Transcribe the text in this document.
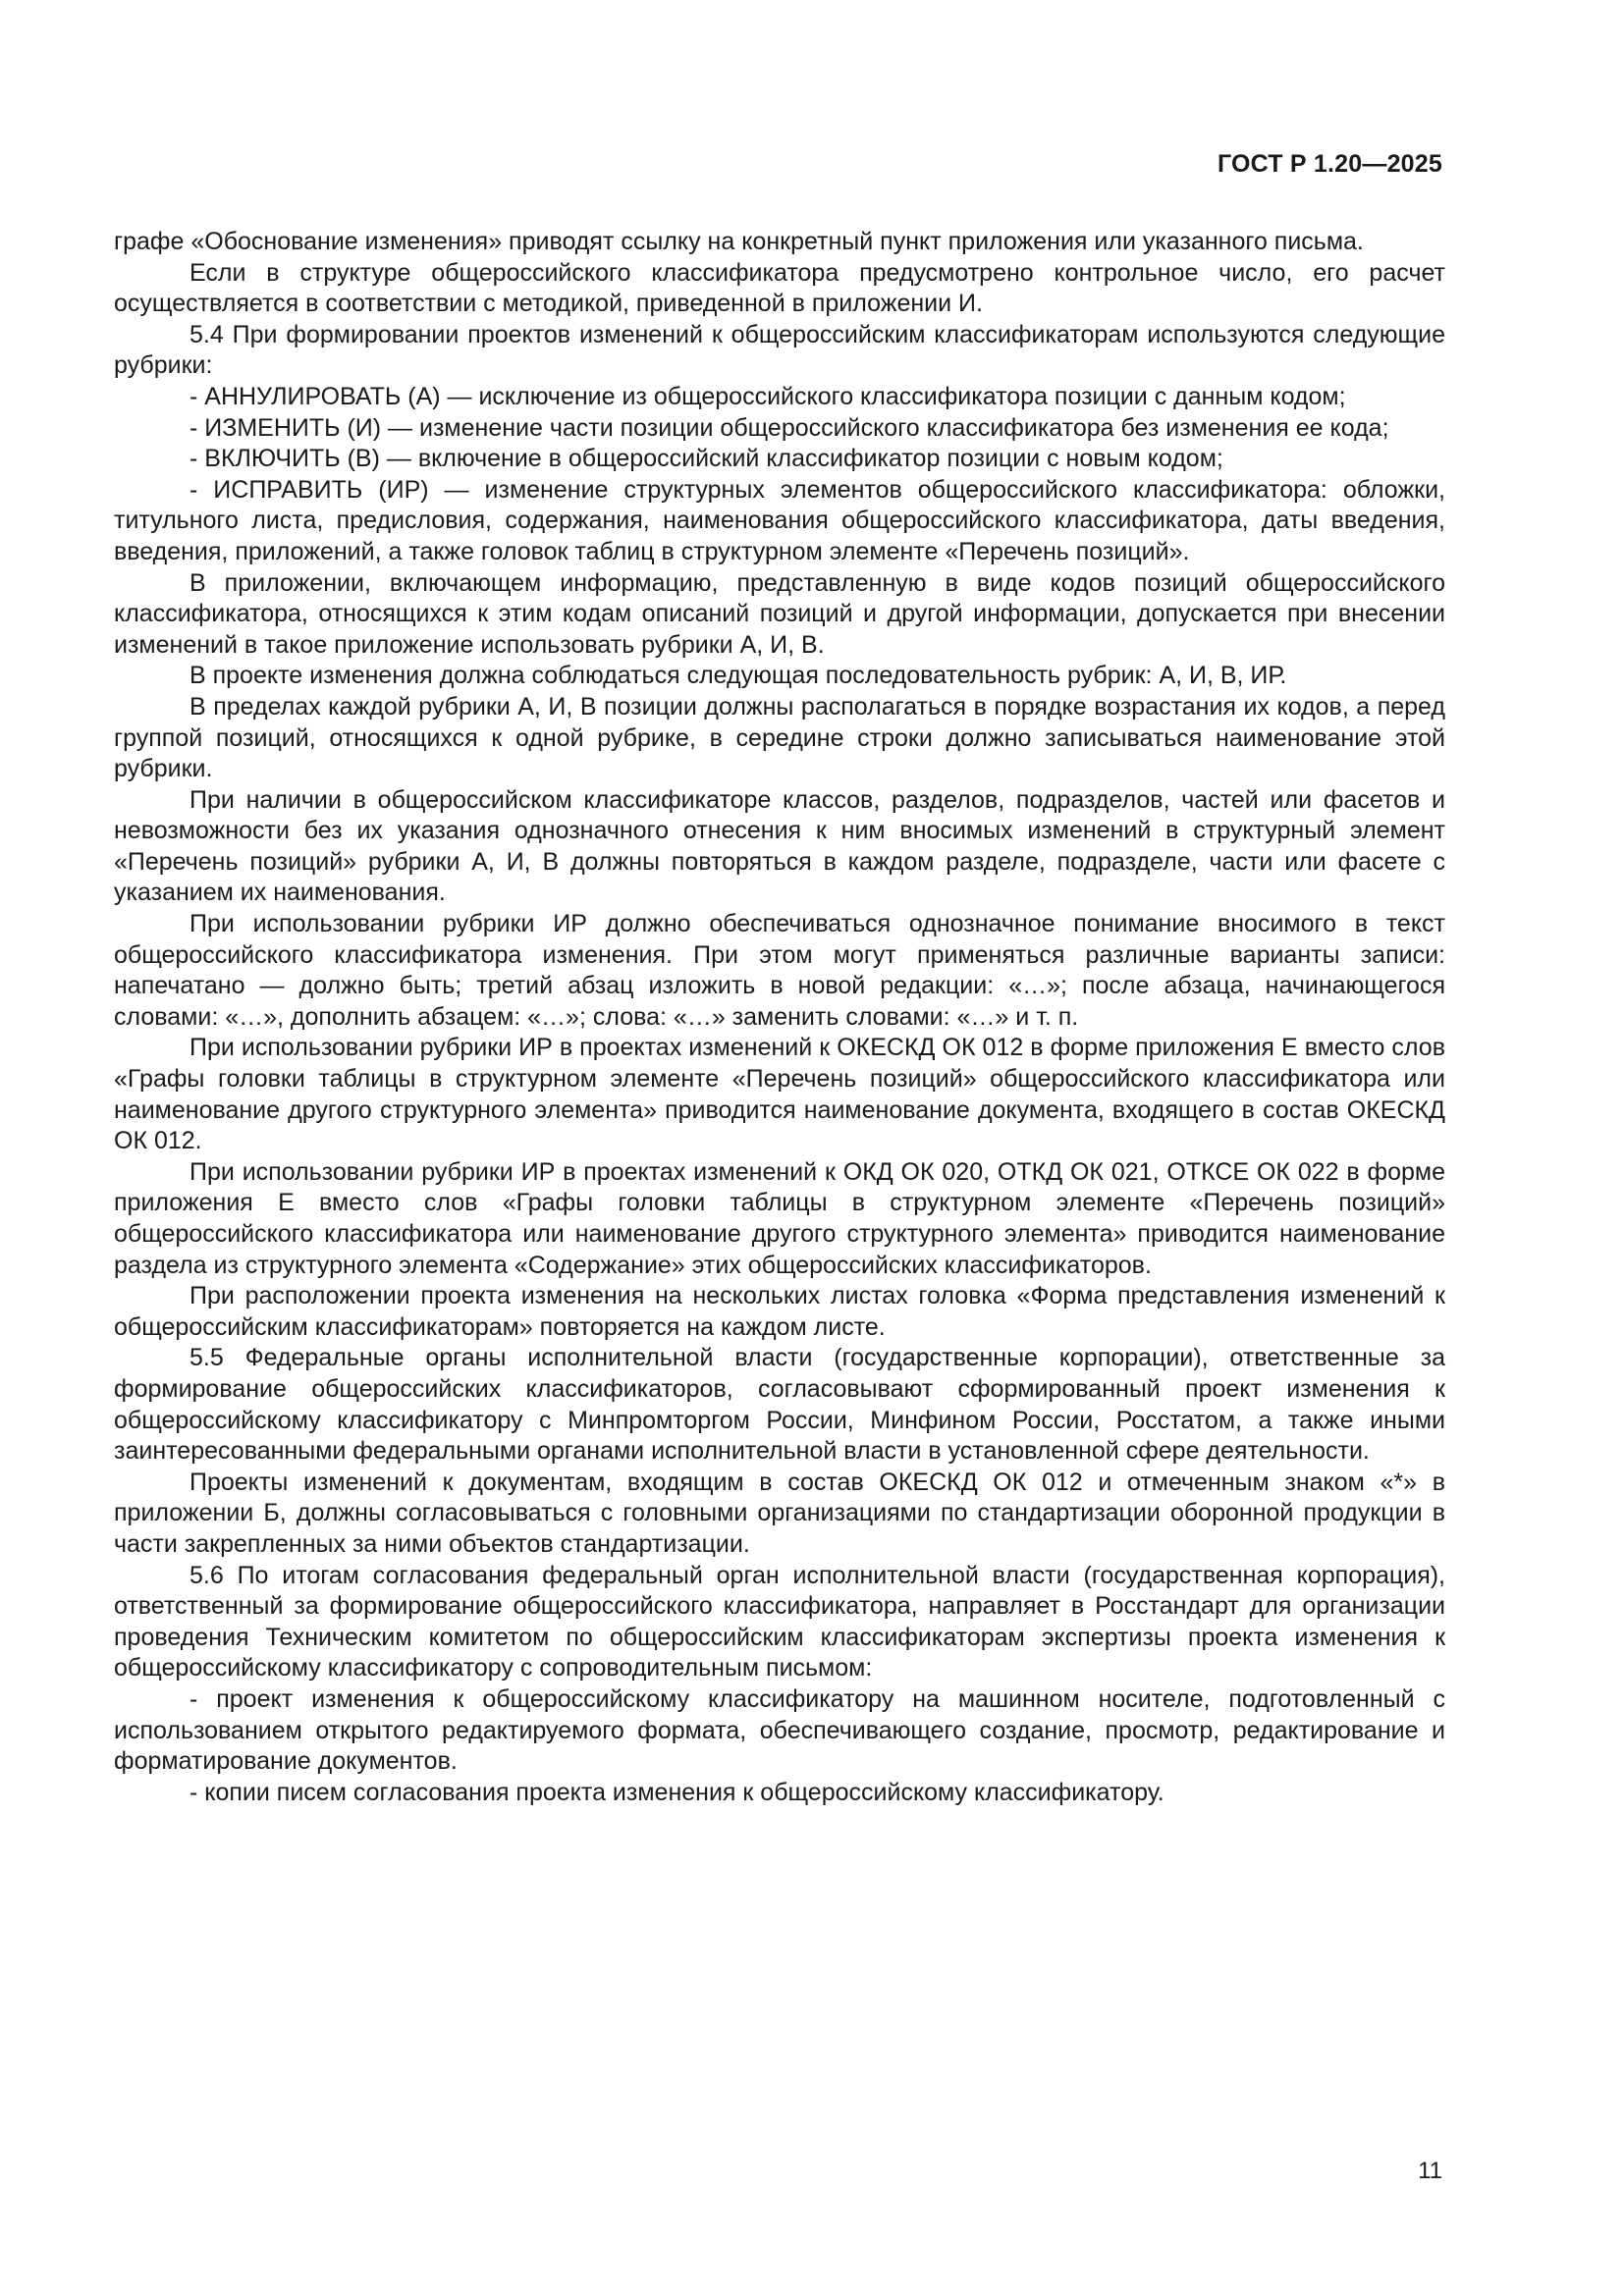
ГОСТ Р 1.20—2025

графе «Обоснование изменения» приводят ссылку на конкретный пункт приложения или указанного письма.

Если в структуре общероссийского классификатора предусмотрено контрольное число, его расчет осуществляется в соответствии с методикой, приведенной в приложении И.

5.4 При формировании проектов изменений к общероссийским классификаторам используются следующие рубрики:

- АННУЛИРОВАТЬ (А) — исключение из общероссийского классификатора позиции с данным кодом;

- ИЗМЕНИТЬ (И) — изменение части позиции общероссийского классификатора без изменения ее кода;

- ВКЛЮЧИТЬ (В) — включение в общероссийский классификатор позиции с новым кодом;

- ИСПРАВИТЬ (ИР) — изменение структурных элементов общероссийского классификатора: обложки, титульного листа, предисловия, содержания, наименования общероссийского классификатора, даты введения, введения, приложений, а также головок таблиц в структурном элементе «Перечень позиций».

В приложении, включающем информацию, представленную в виде кодов позиций общероссийского классификатора, относящихся к этим кодам описаний позиций и другой информации, допускается при внесении изменений в такое приложение использовать рубрики А, И, В.

В проекте изменения должна соблюдаться следующая последовательность рубрик: А, И, В, ИР.

В пределах каждой рубрики А, И, В позиции должны располагаться в порядке возрастания их кодов, а перед группой позиций, относящихся к одной рубрике, в середине строки должно записываться наименование этой рубрики.

При наличии в общероссийском классификаторе классов, разделов, подразделов, частей или фасетов и невозможности без их указания однозначного отнесения к ним вносимых изменений в структурный элемент «Перечень позиций» рубрики А, И, В должны повторяться в каждом разделе, подразделе, части или фасете с указанием их наименования.

При использовании рубрики ИР должно обеспечиваться однозначное понимание вносимого в текст общероссийского классификатора изменения. При этом могут применяться различные варианты записи: напечатано — должно быть; третий абзац изложить в новой редакции: «…»; после абзаца, начинающегося словами: «…», дополнить абзацем: «…»; слова: «…» заменить словами: «…» и т. п.

При использовании рубрики ИР в проектах изменений к ОКЕСКД ОК 012 в форме приложения Е вместо слов «Графы головки таблицы в структурном элементе «Перечень позиций» общероссийского классификатора или наименование другого структурного элемента» приводится наименование документа, входящего в состав ОКЕСКД ОК 012.

При использовании рубрики ИР в проектах изменений к ОКД ОК 020, ОТКД ОК 021, ОТКСЕ ОК 022 в форме приложения Е вместо слов «Графы головки таблицы в структурном элементе «Перечень позиций» общероссийского классификатора или наименование другого структурного элемента» приводится наименование раздела из структурного элемента «Содержание» этих общероссийских классификаторов.

При расположении проекта изменения на нескольких листах головка «Форма представления изменений к общероссийским классификаторам» повторяется на каждом листе.

5.5 Федеральные органы исполнительной власти (государственные корпорации), ответственные за формирование общероссийских классификаторов, согласовывают сформированный проект изменения к общероссийскому классификатору с Минпромторгом России, Минфином России, Росстатом, а также иными заинтересованными федеральными органами исполнительной власти в установленной сфере деятельности.

Проекты изменений к документам, входящим в состав ОКЕСКД ОК 012 и отмеченным знаком «*» в приложении Б, должны согласовываться с головными организациями по стандартизации оборонной продукции в части закрепленных за ними объектов стандартизации.

5.6 По итогам согласования федеральный орган исполнительной власти (государственная корпорация), ответственный за формирование общероссийского классификатора, направляет в Росстандарт для организации проведения Техническим комитетом по общероссийским классификаторам экспертизы проекта изменения к общероссийскому классификатору с сопроводительным письмом:

- проект изменения к общероссийскому классификатору на машинном носителе, подготовленный с использованием открытого редактируемого формата, обеспечивающего создание, просмотр, редактирование и форматирование документов.

- копии писем согласования проекта изменения к общероссийскому классификатору.

11
